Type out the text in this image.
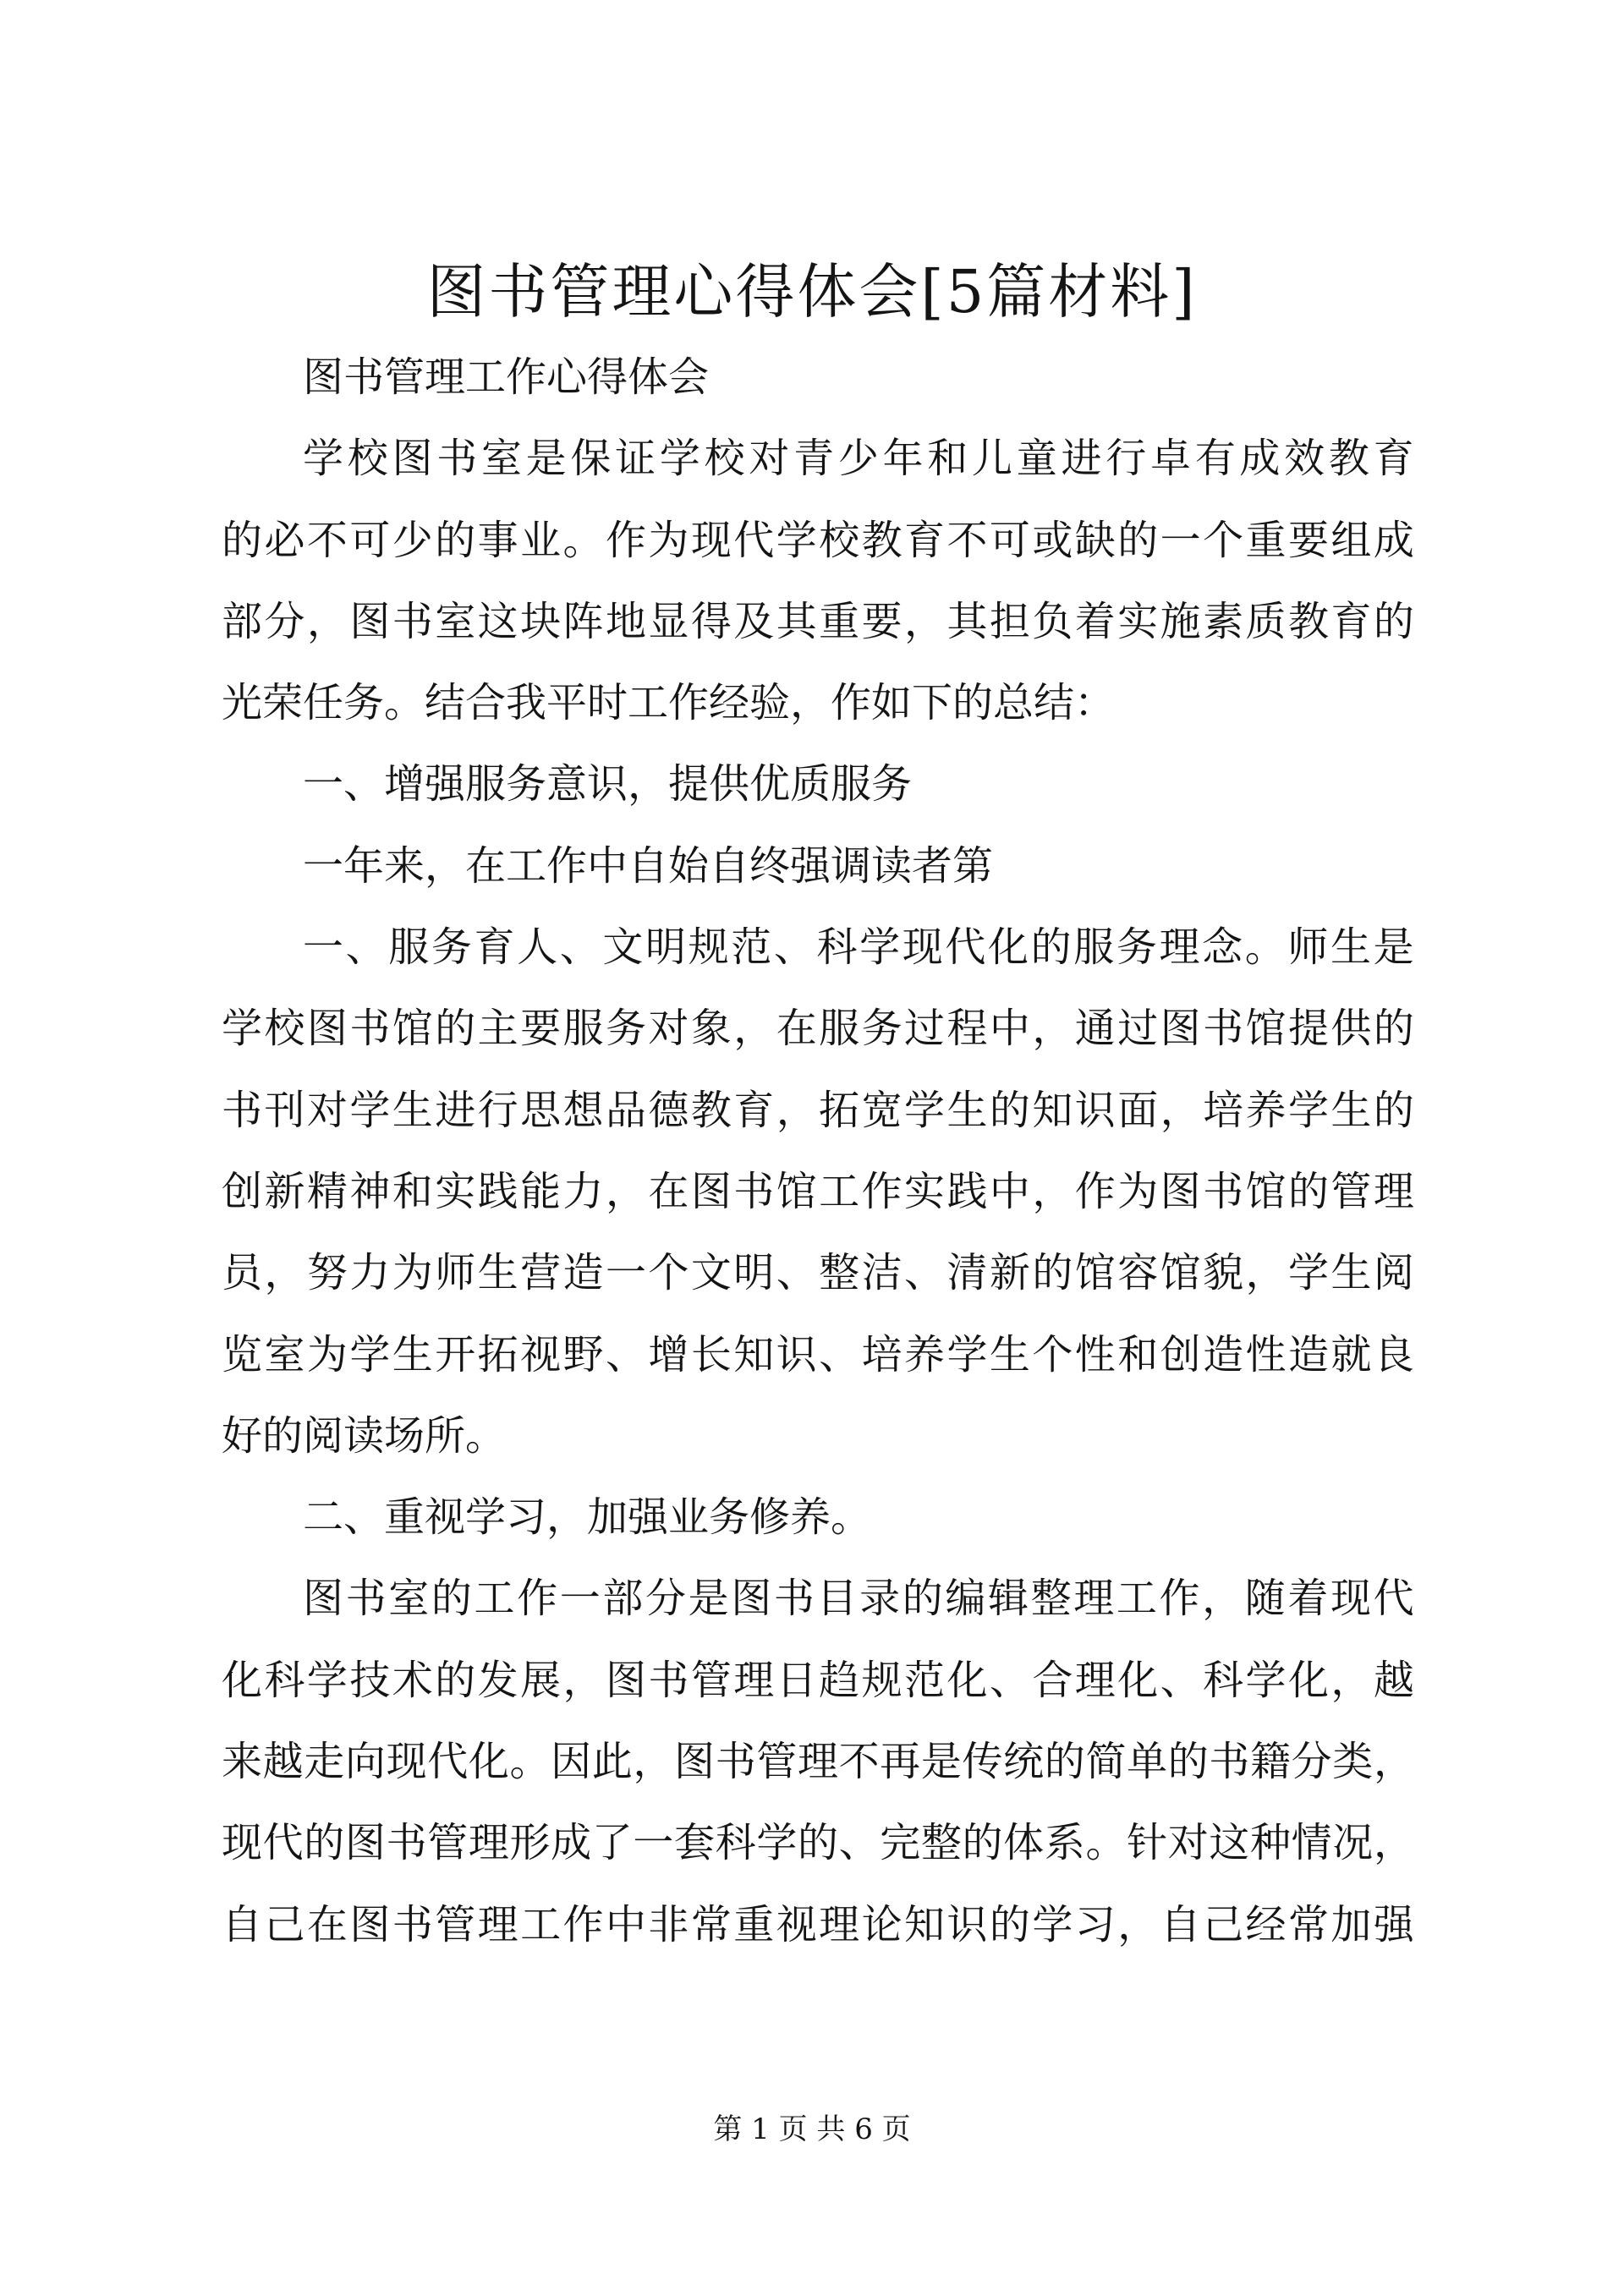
图书管理心得体会[5篇材料]
图书管理工作心得体会
学 校 图 书 室 是 保 证 学 校 对 青 少 年 和 儿 童 进 行 卓 有 成 效 教 育
的 必 不 可 少 的 事 业 。 作 为 现 代 学 校 教 育 不 可 或 缺 的 一 个 重 要 组 成
部 分 ， 图 书 室 这 块 阵 地 显 得 及 其 重 要 ， 其 担 负 着 实 施 素 质 教 育 的
光荣任务。结合我平时工作经验，作如下的总结：
一、增强服务意识，提供优质服务
一年来，在工作中自始自终强调读者第
一 、 服 务 育 人 、 文 明 规 范 、 科 学 现 代 化 的 服 务 理 念 。 师 生 是
学 校 图 书 馆 的 主 要 服 务 对 象 ， 在 服 务 过 程 中 ， 通 过 图 书 馆 提 供 的
书 刊 对 学 生 进 行 思 想 品 德 教 育 ， 拓 宽 学 生 的 知 识 面 ， 培 养 学 生 的
创 新 精 神 和 实 践 能 力 ， 在 图 书 馆 工 作 实 践 中 ， 作 为 图 书 馆 的 管 理
员 ， 努 力 为 师 生 营 造 一 个 文 明 、 整 洁 、 清 新 的 馆 容 馆 貌 ， 学 生 阅
览 室 为 学 生 开 拓 视 野 、 增 长 知 识 、 培 养 学 生 个 性 和 创 造 性 造 就 良
好的阅读场所。
二、重视学习，加强业务修养。
图 书 室 的 工 作 一 部 分 是 图 书 目 录 的 编 辑 整 理 工 作 ， 随 着 现 代
化 科 学 技 术 的 发 展 ， 图 书 管 理 日 趋 规 范 化 、 合 理 化 、 科 学 化 ， 越
来 越 走 向 现 代 化 。 因 此 ， 图 书 管 理 不 再 是 传 统 的 简 单 的 书 籍 分 类 ，
现 代 的 图 书 管 理 形 成 了 一 套 科 学 的 、 完 整 的 体 系 。 针 对 这 种 情 况 ，
自 己 在 图 书 管 理 工 作 中 非 常 重 视 理 论 知 识 的 学 习 ， 自 己 经 常 加 强
第 1 页 共 6 页
